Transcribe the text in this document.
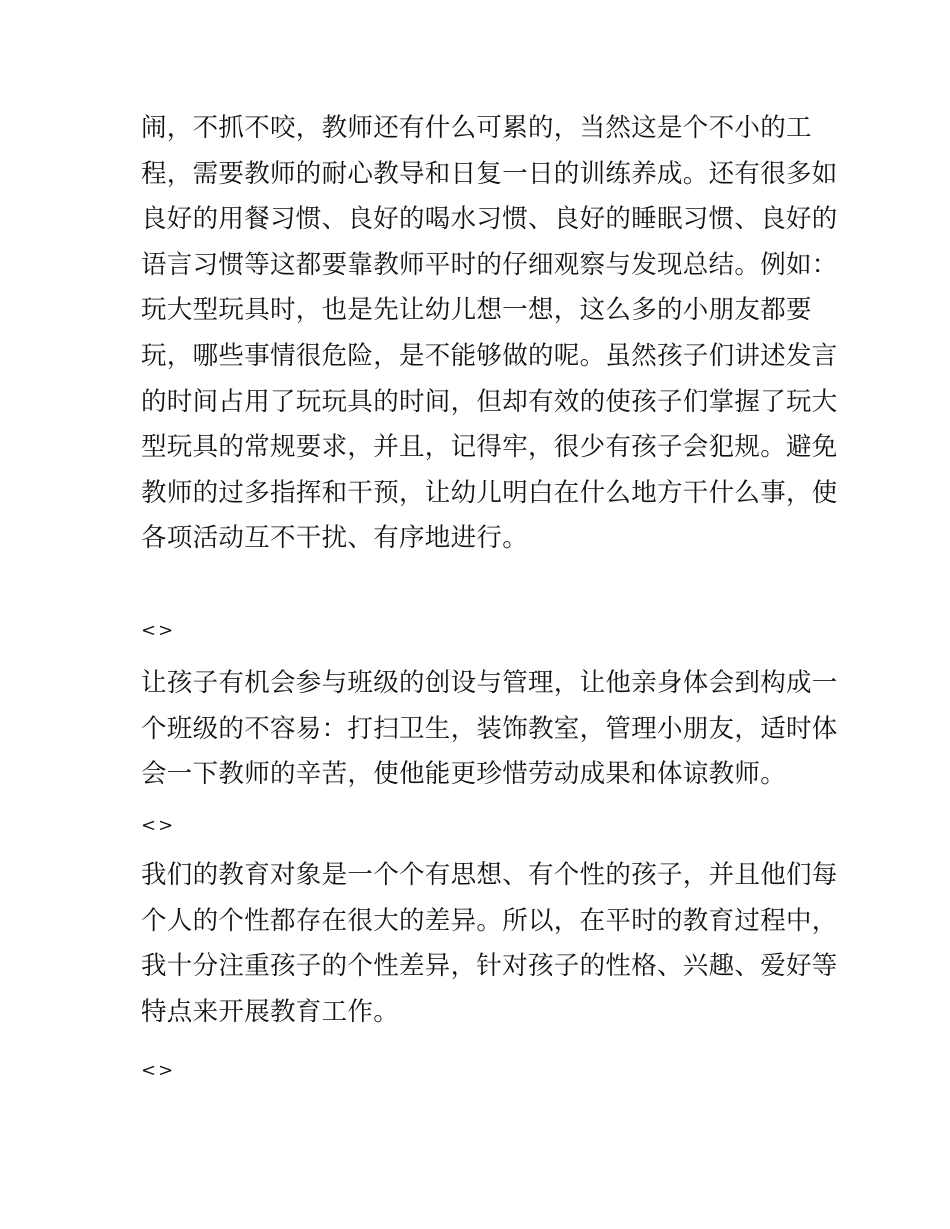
闹，不抓不咬，教师还有什么可累的，当然这是个不小的工
程，需要教师的耐心教导和日复一日的训练养成。还有很多如
良好的用餐习惯、良好的喝水习惯、良好的睡眠习惯、良好的
语言习惯等这都要靠教师平时的仔细观察与发现总结。例如：
玩大型玩具时，也是先让幼儿想一想，这么多的小朋友都要
玩，哪些事情很危险，是不能够做的呢。虽然孩子们讲述发言
的时间占用了玩玩具的时间，但却有效的使孩子们掌握了玩大
型玩具的常规要求，并且，记得牢，很少有孩子会犯规。避免
教师的过多指挥和干预，让幼儿明白在什么地方干什么事，使
各项活动互不干扰、有序地进行。
<>
让孩子有机会参与班级的创设与管理，让他亲身体会到构成一
个班级的不容易：打扫卫生，装饰教室，管理小朋友，适时体
会一下教师的辛苦，使他能更珍惜劳动成果和体谅教师。
<>
我们的教育对象是一个个有思想、有个性的孩子，并且他们每
个人的个性都存在很大的差异。所以，在平时的教育过程中，
我十分注重孩子的个性差异，针对孩子的性格、兴趣、爱好等
特点来开展教育工作。
<>
